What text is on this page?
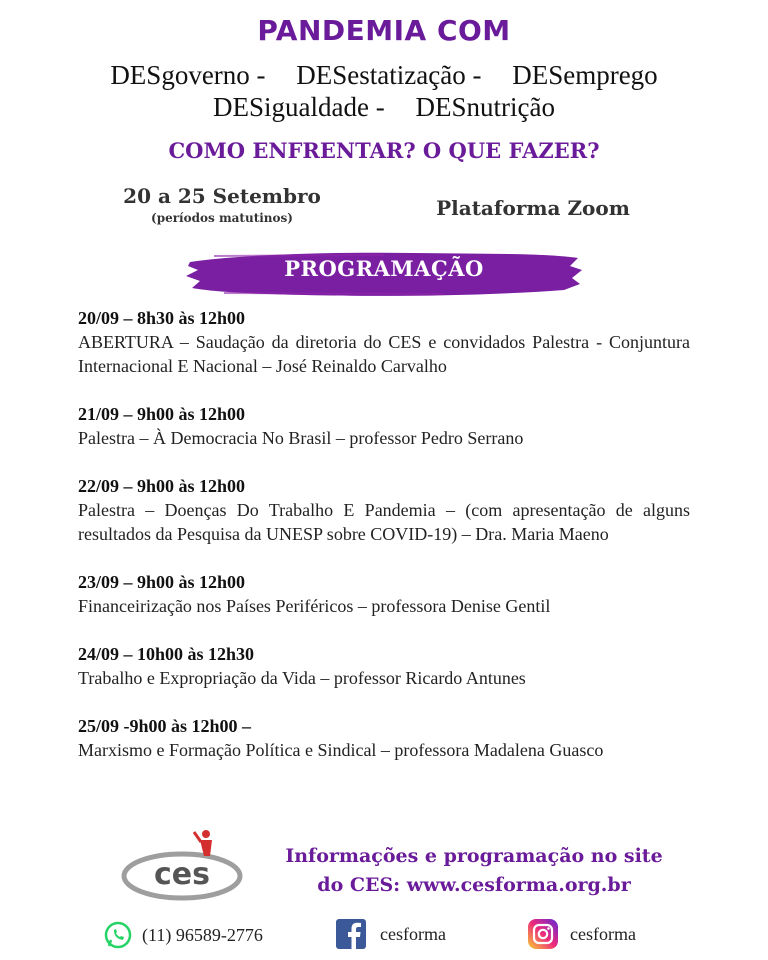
PANDEMIA COM
DESgoverno - DESestatização - DESemprego
DESigualdade - DESnutrição
COMO ENFRENTAR? O QUE FAZER?
20 a 25 Setembro
(períodos matutinos)	Plataforma Zoom
PROGRAMAÇÃO
20/09 – 8h30 às 12h00

ABERTURA – Saudação da diretoria do CES e convidados Palestra - Conjuntura Internacional E Nacional – José Reinaldo Carvalho

21/09 – 9h00 às 12h00

Palestra – À Democracia No Brasil – professor Pedro Serrano

22/09 – 9h00 às 12h00

Palestra – Doenças Do Trabalho E Pandemia – (com apresentação de alguns resultados da Pesquisa da UNESP sobre COVID-19) – Dra. Maria Maeno

23/09 – 9h00 às 12h00

Financeirização nos Países Periféricos – professora Denise Gentil

24/09 – 10h00 às 12h30

Trabalho e Expropriação da Vida – professor Ricardo Antunes

25/09 -9h00 às 12h00 –

Marxismo e Formação Política e Sindical – professora Madalena Guasco

ces
Informações e programação no site
do CES: www.cesforma.org.br
(11) 96589-2776	cesforma	cesforma
